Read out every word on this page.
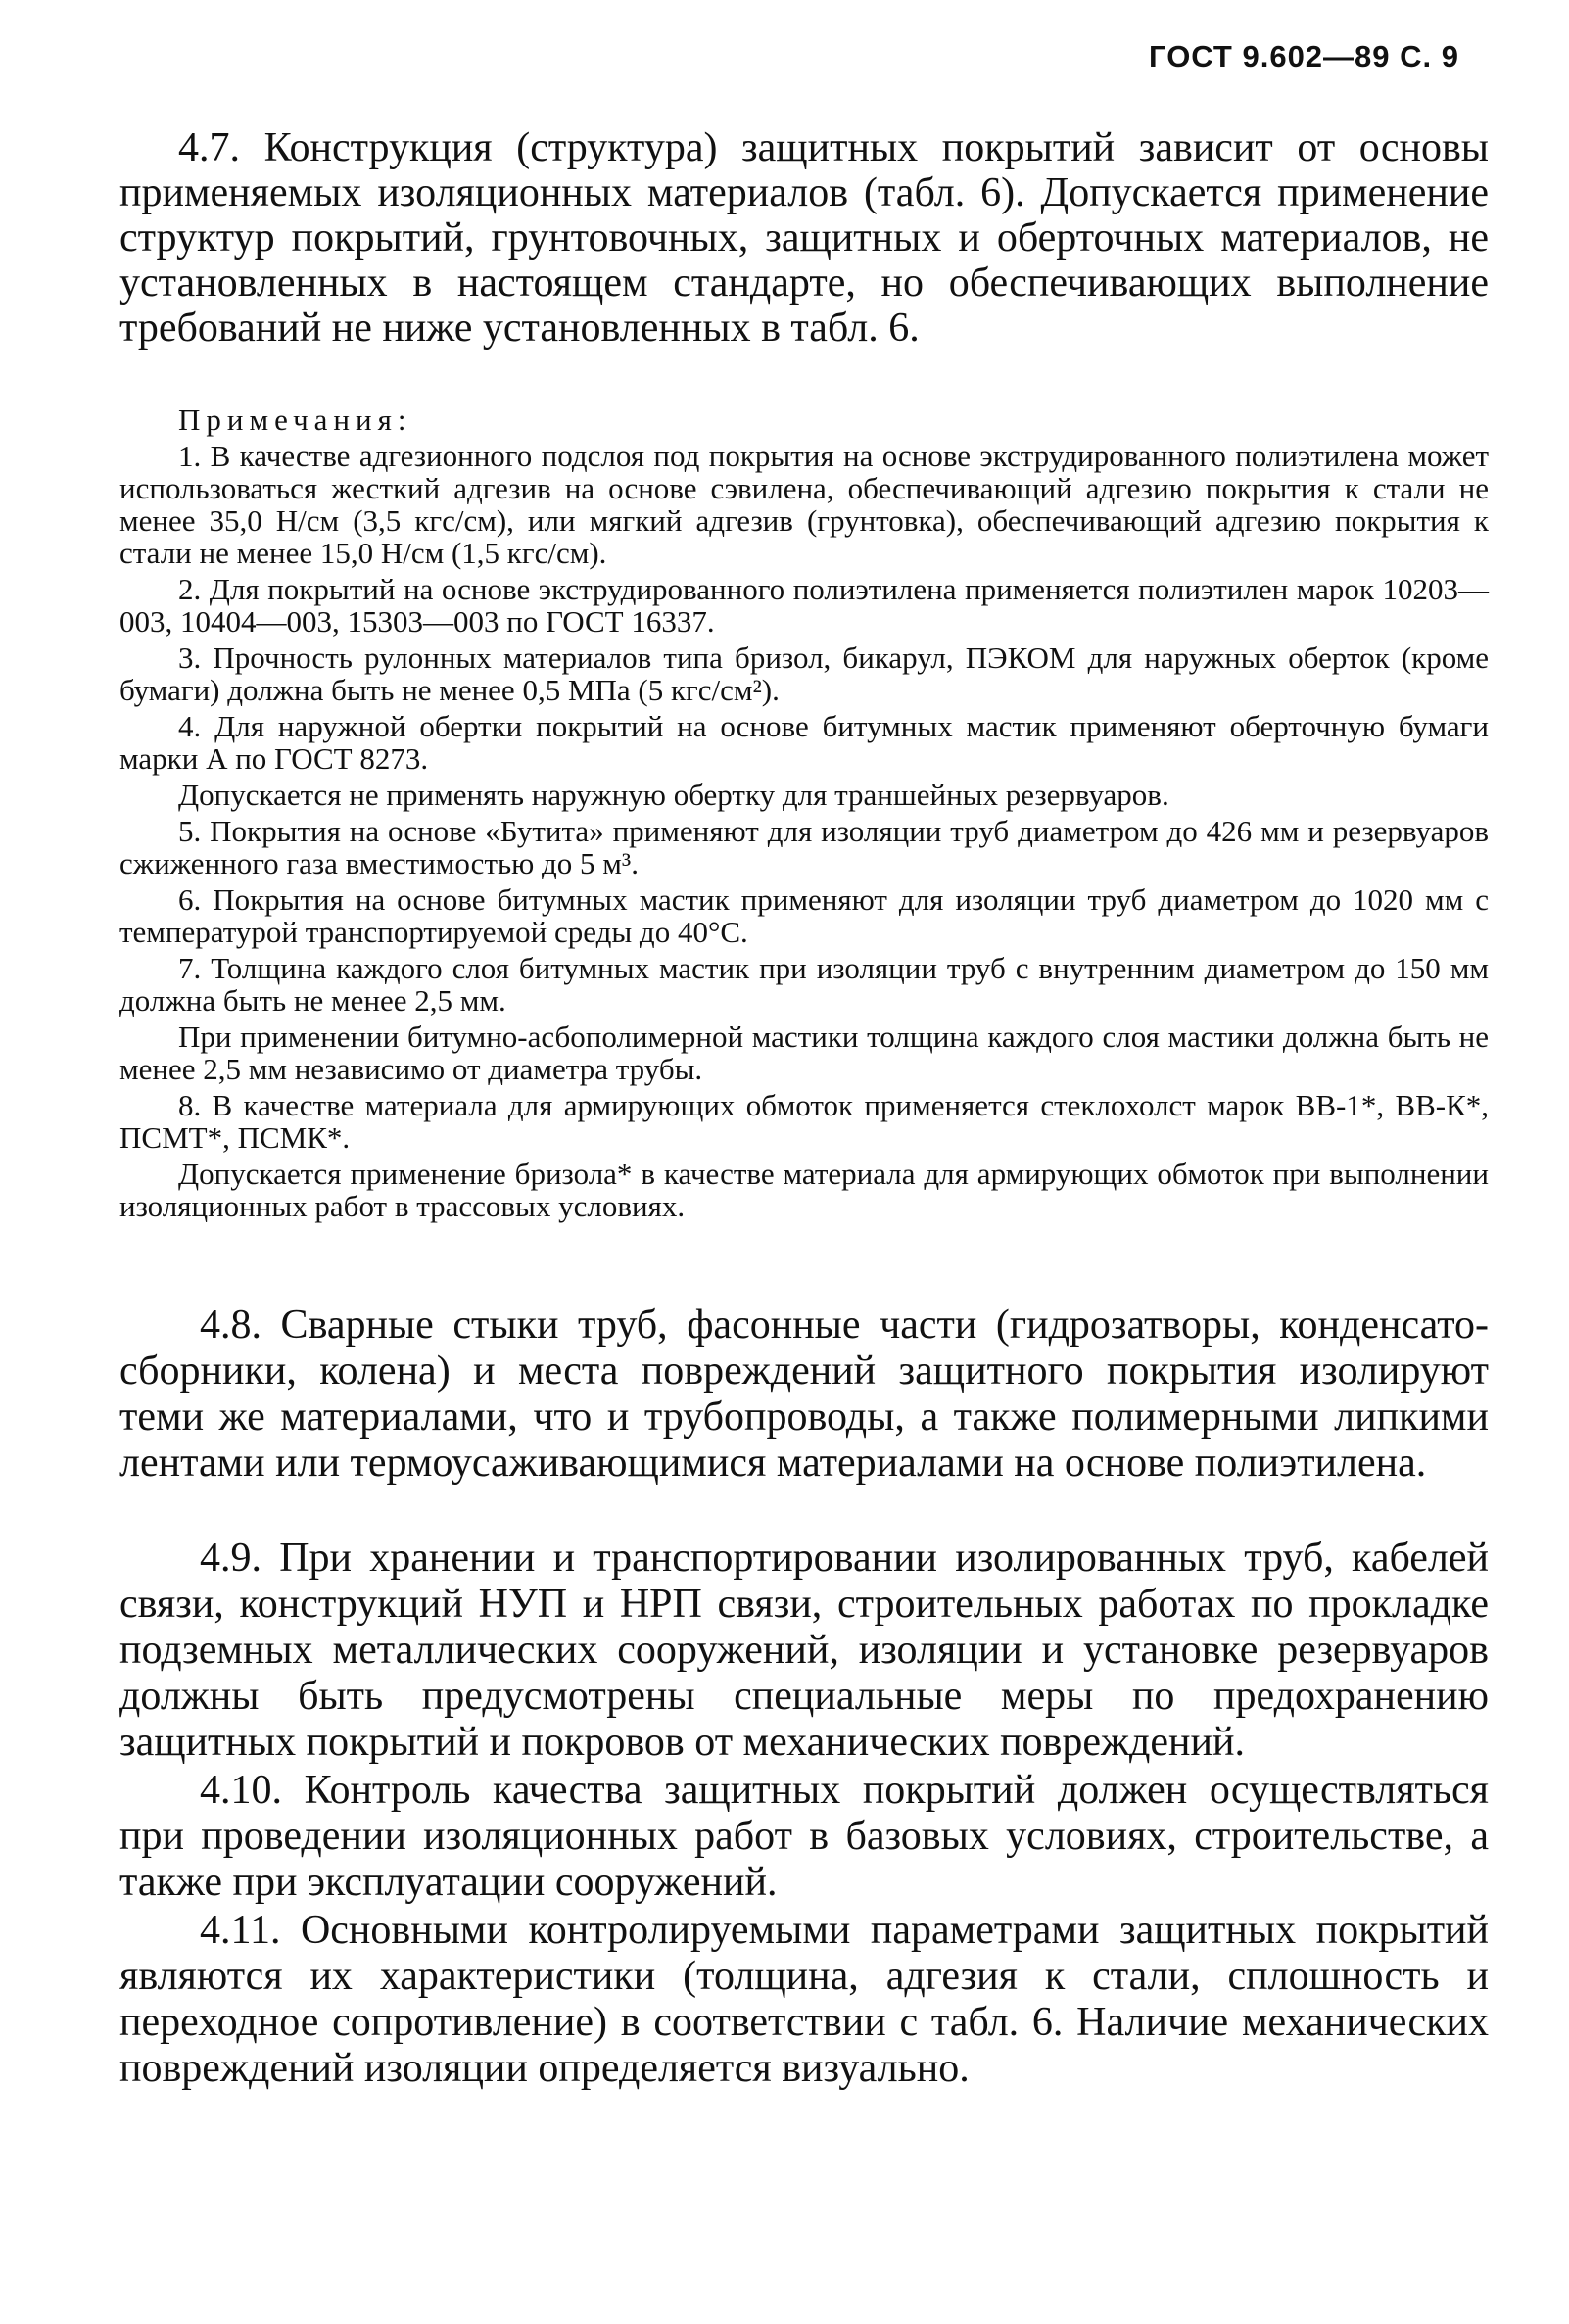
ГОСТ 9.602—89 С. 9

4.7. Конструкция (структура) защитных покрытий зависит от основы применяемых изоляционных материалов (табл. 6). Допускается применение структур покрытий, грунтовочных, защитных и оберточных материалов, не установленных в настоящем стандарте, но обеспечивающих выполнение требований не ниже установленных в табл. 6.

Примечания:

1. В качестве адгезионного подслоя под покрытия на основе экструдированного полиэтилена может использоваться жесткий адгезив на основе сэвилена, обеспечивающий адгезию покрытия к стали не менее 35,0 Н/см (3,5 кгс/см), или мягкий адгезив (грунтовка), обеспечивающий адгезию покрытия к стали не менее 15,0 Н/см (1,5 кгс/см).

2. Для покрытий на основе экструдированного полиэтилена применяется полиэтилен марок 10203—003, 10404—003, 15303—003 по ГОСТ 16337.

3. Прочность рулонных материалов типа бризол, бикарул, ПЭКОМ для наружных оберток (кроме бумаги) должна быть не менее 0,5 МПа (5 кгс/см²).

4. Для наружной обертки покрытий на основе битумных мастик применяют оберточную бумаги марки А по ГОСТ 8273.

Допускается не применять наружную обертку для траншейных резервуаров.

5. Покрытия на основе «Бутита» применяют для изоляции труб диаметром до 426 мм и резервуаров сжиженного газа вместимостью до 5 м³.

6. Покрытия на основе битумных мастик применяют для изоляции труб диаметром до 1020 мм с температурой транспортируемой среды до 40°С.

7. Толщина каждого слоя битумных мастик при изоляции труб с внутренним диаметром до 150 мм должна быть не менее 2,5 мм.

При применении битумно-асбополимерной мастики толщина каждого слоя мастики должна быть не менее 2,5 мм независимо от диаметра трубы.

8. В качестве материала для армирующих обмоток применяется стеклохолст марок ВВ-1*, ВВ-К*, ПСМТ*, ПСМК*.

Допускается применение бризола* в качестве материала для армирующих обмоток при выполнении изоляционных работ в трассовых условиях.

4.8. Сварные стыки труб, фасонные части (гидрозатворы, конденсато-сборники, колена) и места повреждений защитного покрытия изолируют теми же материалами, что и трубопроводы, а также полимерными липкими лентами или термоусаживающимися материалами на основе полиэтилена.

4.9. При хранении и транспортировании изолированных труб, кабелей связи, конструкций НУП и НРП связи, строительных работах по прокладке подземных металлических сооружений, изоляции и установке резервуаров должны быть предусмотрены специальные меры по предохранению защитных покрытий и покровов от механических повреждений.

4.10. Контроль качества защитных покрытий должен осуществляться при проведении изоляционных работ в базовых условиях, строительстве, а также при эксплуатации сооружений.

4.11. Основными контролируемыми параметрами защитных покрытий являются их характеристики (толщина, адгезия к стали, сплошность и переходное сопротивление) в соответствии с табл. 6. Наличие механических повреждений изоляции определяется визуально.
